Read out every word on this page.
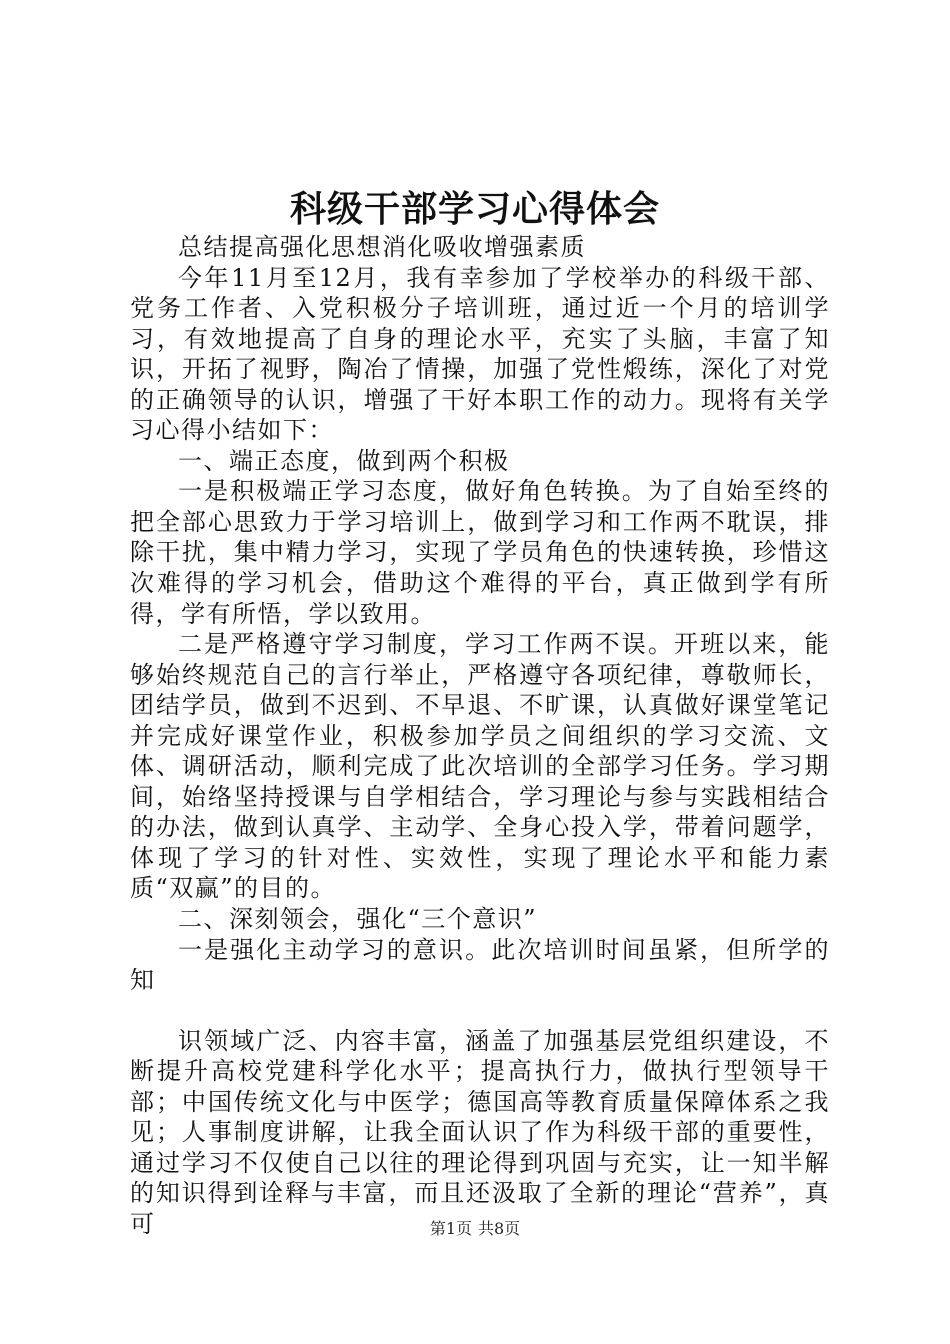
科级干部学习心得体会

总结提高强化思想消化吸收增强素质

今年11月至12月，我有幸参加了学校举办的科级干部、党务工作者、入党积极分子培训班，通过近一个月的培训学习，有效地提高了自身的理论水平，充实了头脑，丰富了知识，开拓了视野，陶冶了情操，加强了党性煅练，深化了对党的正确领导的认识，增强了干好本职工作的动力。现将有关学习心得小结如下：

一、端正态度，做到两个积极

一是积极端正学习态度，做好角色转换。为了自始至终的把全部心思致力于学习培训上，做到学习和工作两不耽误，排除干扰，集中精力学习，实现了学员角色的快速转换，珍惜这次难得的学习机会，借助这个难得的平台，真正做到学有所得，学有所悟，学以致用。

二是严格遵守学习制度，学习工作两不误。开班以来，能够始终规范自己的言行举止，严格遵守各项纪律，尊敬师长，团结学员，做到不迟到、不早退、不旷课，认真做好课堂笔记并完成好课堂作业，积极参加学员之间组织的学习交流、文体、调研活动，顺利完成了此次培训的全部学习任务。学习期间，始络坚持授课与自学相结合，学习理论与参与实践相结合的办法，做到认真学、主动学、全身心投入学，带着问题学，体现了学习的针对性、实效性，实现了理论水平和能力素质“双赢”的目的。

二、深刻领会，强化“三个意识”

一是强化主动学习的意识。此次培训时间虽紧，但所学的知

识领域广泛、内容丰富，涵盖了加强基层党组织建设，不断提升高校党建科学化水平；提高执行力，做执行型领导干部；中国传统文化与中医学；德国高等教育质量保障体系之我见；人事制度讲解，让我全面认识了作为科级干部的重要性，通过学习不仅使自己以往的理论得到巩固与充实，让一知半解的知识得到诠释与丰富，而且还汲取了全新的理论“营养”，真可	第1页 共8页
